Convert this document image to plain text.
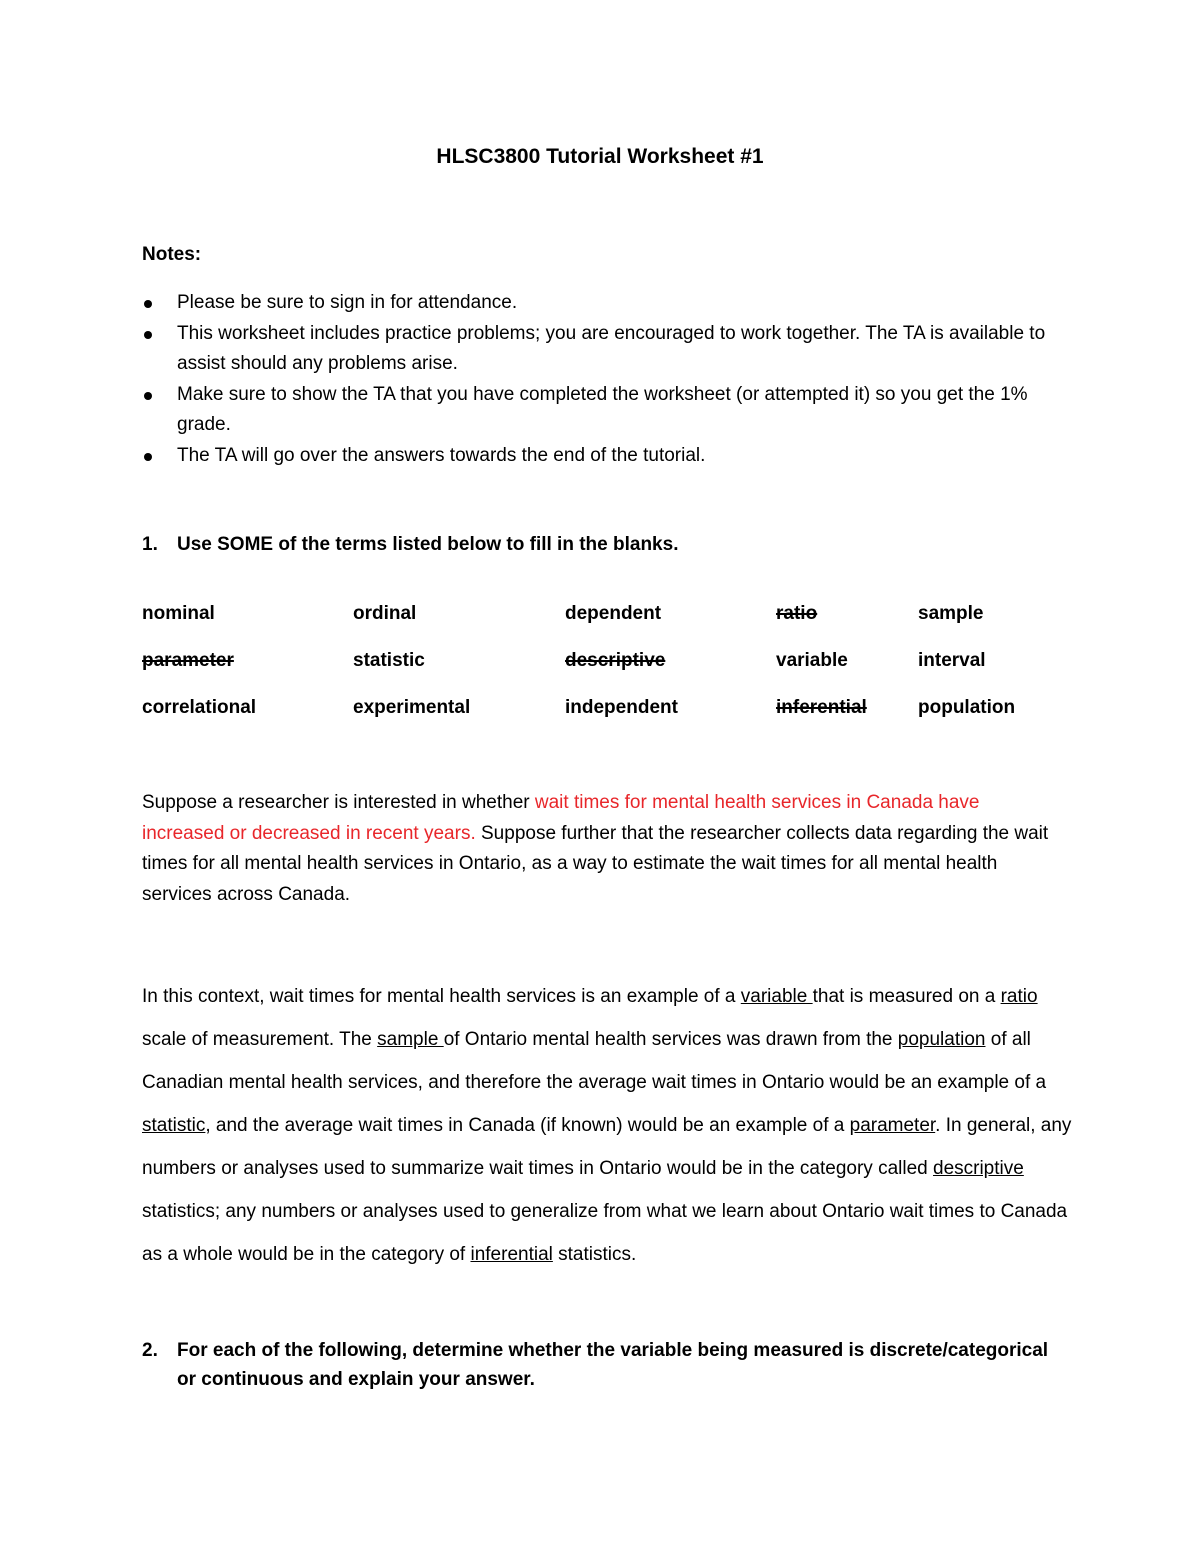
HLSC3800 Tutorial Worksheet #1
Notes:
Please be sure to sign in for attendance.
This worksheet includes practice problems; you are encouraged to work together. The TA is available to assist should any problems arise.
Make sure to show the TA that you have completed the worksheet (or attempted it) so you get the 1% grade.
The TA will go over the answers towards the end of the tutorial.
1.	Use SOME of the terms listed below to fill in the blanks.
nominal	ordinal	dependent	ratio	sample
parameter	statistic	descriptive	variable	interval
correlational	experimental	independent	inferential	population

Suppose a researcher is interested in whether wait times for mental health services in Canada have increased or decreased in recent years. Suppose further that the researcher collects data regarding the wait times for all mental health services in Ontario, as a way to estimate the wait times for all mental health services across Canada.

In this context, wait times for mental health services is an example of a variable that is measured on a ratio scale of measurement. The sample of Ontario mental health services was drawn from the population of all Canadian mental health services, and therefore the average wait times in Ontario would be an example of a statistic, and the average wait times in Canada (if known) would be an example of a parameter. In general, any numbers or analyses used to summarize wait times in Ontario would be in the category called descriptive statistics; any numbers or analyses used to generalize from what we learn about Ontario wait times to Canada as a whole would be in the category of inferential statistics.

2.	For each of the following, determine whether the variable being measured is discrete/categorical or continuous and explain your answer.
